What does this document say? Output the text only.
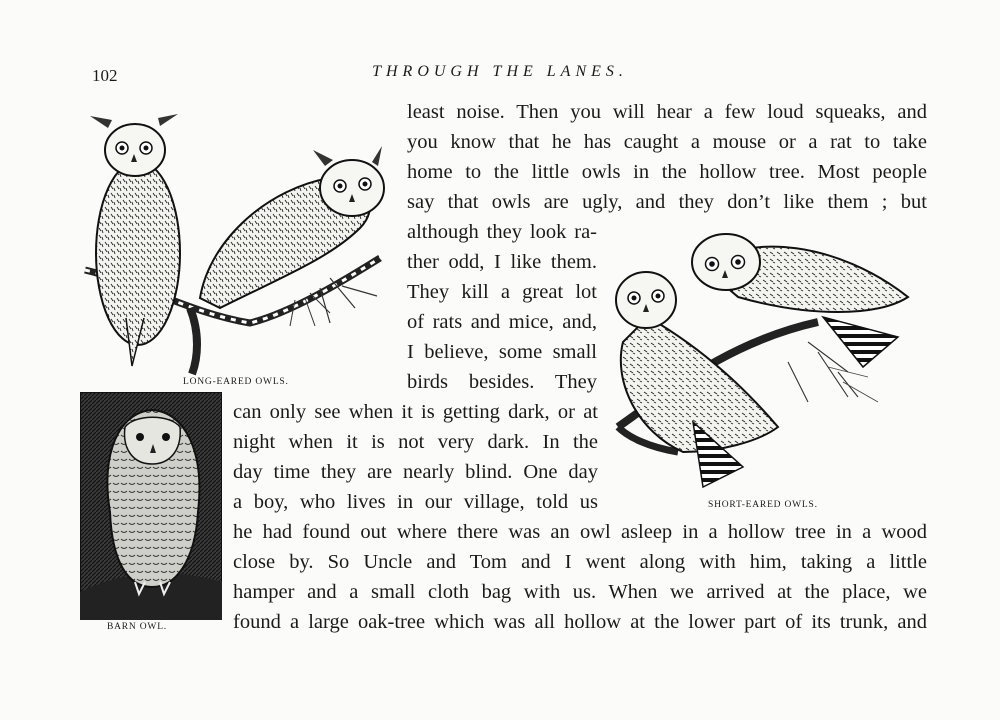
102	THROUGH THE LANES.
LONG-EARED OWLS.
SHORT-EARED OWLS.
BARN OWL.
least noise. Then you will hear a few loud squeaks, and
you know that he has caught a mouse or a rat to take
home to the little owls in the hollow tree. Most people
say that owls are ugly, and they don’t like them ; but
although they look ra-
ther odd, I like them.
They kill a great lot
of rats and mice, and,
I believe, some small
birds besides. They
can only see when it is getting dark, or at
night when it is not very dark. In the
day time they are nearly blind. One day
a boy, who lives in our village, told us
he had found out where there was an owl asleep in a hollow tree in a wood
close by. So Uncle and Tom and I went along with him, taking a little
hamper and a small cloth bag with us. When we arrived at the place, we
found a large oak-tree which was all hollow at the lower part of its trunk, and
